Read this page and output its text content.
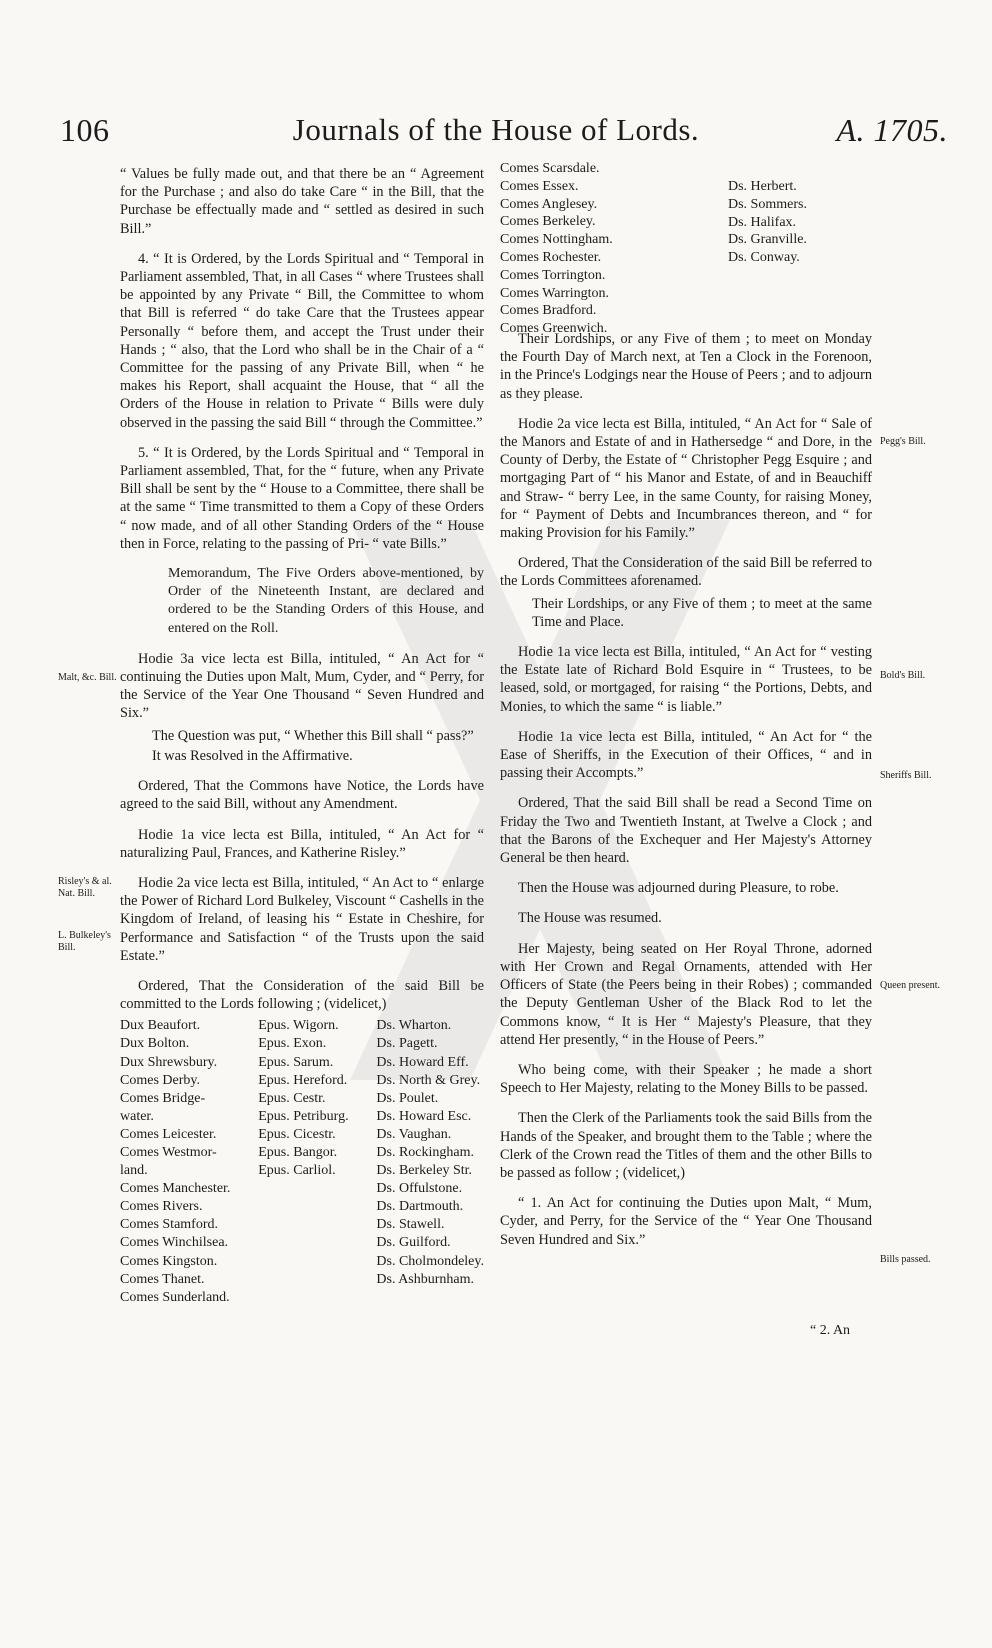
106	Journals of the House of Lords.	A. 1705.

“ Values be fully made out, and that there be an “ Agreement for the Purchase ; and also do take Care “ in the Bill, that the Purchase be effectually made and “ settled as desired in such Bill.”

4. “ It is Ordered, by the Lords Spiritual and “ Temporal in Parliament assembled, That, in all Cases “ where Trustees shall be appointed by any Private “ Bill, the Committee to whom that Bill is referred “ do take Care that the Trustees appear Personally “ before them, and accept the Trust under their Hands ; “ also, that the Lord who shall be in the Chair of a “ Committee for the passing of any Private Bill, when “ he makes his Report, shall acquaint the House, that “ all the Orders of the House in relation to Private “ Bills were duly observed in the passing the said Bill “ through the Committee.”

5. “ It is Ordered, by the Lords Spiritual and “ Temporal in Parliament assembled, That, for the “ future, when any Private Bill shall be sent by the “ House to a Committee, there shall be at the same “ Time transmitted to them a Copy of these Orders “ now made, and of all other Standing Orders of the “ House then in Force, relating to the passing of Pri- “ vate Bills.”

Memorandum, The Five Orders above-mentioned, by Order of the Nineteenth Instant, are declared and ordered to be the Standing Orders of this House, and entered on the Roll.

Hodie 3a vice lecta est Billa, intituled, “ An Act for “ continuing the Duties upon Malt, Mum, Cyder, and “ Perry, for the Service of the Year One Thousand “ Seven Hundred and Six.”

The Question was put, “ Whether this Bill shall “ pass?”

It was Resolved in the Affirmative.

Ordered, That the Commons have Notice, the Lords have agreed to the said Bill, without any Amendment.

Hodie 1a vice lecta est Billa, intituled, “ An Act for “ naturalizing Paul, Frances, and Katherine Risley.”

Hodie 2a vice lecta est Billa, intituled, “ An Act to “ enlarge the Power of Richard Lord Bulkeley, Viscount “ Cashells in the Kingdom of Ireland, of leasing his “ Estate in Cheshire, for Performance and Satisfaction “ of the Trusts upon the said Estate.”

Ordered, That the Consideration of the said Bill be committed to the Lords following ; (videlicet,)

Dux Beaufort.
Dux Bolton.
Dux Shrewsbury.
Comes Derby.
Comes Bridge-
water.
Comes Leicester.
Comes Westmor-
land.
Comes Manchester.
Comes Rivers.
Comes Stamford.
Comes Winchilsea.
Comes Kingston.
Comes Thanet.
Comes Sunderland.
Epus. Wigorn.
Epus. Exon.
Epus. Sarum.
Epus. Hereford.
Epus. Cestr.
Epus. Petriburg.
Epus. Cicestr.
Epus. Bangor.
Epus. Carliol.
Ds. Wharton.
Ds. Pagett.
Ds. Howard Eff.
Ds. North & Grey.
Ds. Poulet.
Ds. Howard Esc.
Ds. Vaughan.
Ds. Rockingham.
Ds. Berkeley Str.
Ds. Offulstone.
Ds. Dartmouth.
Ds. Stawell.
Ds. Guilford.
Ds. Cholmondeley.
Ds. Ashburnham.
Comes Scarsdale.
Comes Essex.
Comes Anglesey.
Comes Berkeley.
Comes Nottingham.
Comes Rochester.
Comes Torrington.
Comes Warrington.
Comes Bradford.
Comes Greenwich.
Ds. Herbert.
Ds. Sommers.
Ds. Halifax.
Ds. Granville.
Ds. Conway.

Their Lordships, or any Five of them ; to meet on Monday the Fourth Day of March next, at Ten a Clock in the Forenoon, in the Prince's Lodgings near the House of Peers ; and to adjourn as they please.

Hodie 2a vice lecta est Billa, intituled, “ An Act for “ Sale of the Manors and Estate of and in Hathersedge “ and Dore, in the County of Derby, the Estate of “ Christopher Pegg Esquire ; and mortgaging Part of “ his Manor and Estate, of and in Beauchiff and Straw- “ berry Lee, in the same County, for raising Money, for “ Payment of Debts and Incumbrances thereon, and “ for making Provision for his Family.”

Ordered, That the Consideration of the said Bill be referred to the Lords Committees aforenamed.

Their Lordships, or any Five of them ; to meet at the same Time and Place.

Hodie 1a vice lecta est Billa, intituled, “ An Act for “ vesting the Estate late of Richard Bold Esquire in “ Trustees, to be leased, sold, or mortgaged, for raising “ the Portions, Debts, and Monies, to which the same “ is liable.”

Hodie 1a vice lecta est Billa, intituled, “ An Act for “ the Ease of Sheriffs, in the Execution of their Offices, “ and in passing their Accompts.”

Ordered, That the said Bill shall be read a Second Time on Friday the Two and Twentieth Instant, at Twelve a Clock ; and that the Barons of the Exchequer and Her Majesty's Attorney General be then heard.

Then the House was adjourned during Pleasure, to robe.

The House was resumed.

Her Majesty, being seated on Her Royal Throne, adorned with Her Crown and Regal Ornaments, attended with Her Officers of State (the Peers being in their Robes) ; commanded the Deputy Gentleman Usher of the Black Rod to let the Commons know, “ It is Her “ Majesty's Pleasure, that they attend Her presently, “ in the House of Peers.”

Who being come, with their Speaker ; he made a short Speech to Her Majesty, relating to the Money Bills to be passed.

Then the Clerk of the Parliaments took the said Bills from the Hands of the Speaker, and brought them to the Table ; where the Clerk of the Crown read the Titles of them and the other Bills to be passed as follow ; (videlicet,)

“ 1. An Act for continuing the Duties upon Malt, “ Mum, Cyder, and Perry, for the Service of the “ Year One Thousand Seven Hundred and Six.”

Malt, &c. Bill.
Risley's & al. Nat. Bill.
L. Bulkeley's Bill.
Pegg's Bill.
Bold's Bill.
Sheriffs Bill.
Queen present.
Bills passed.
“ 2. An
